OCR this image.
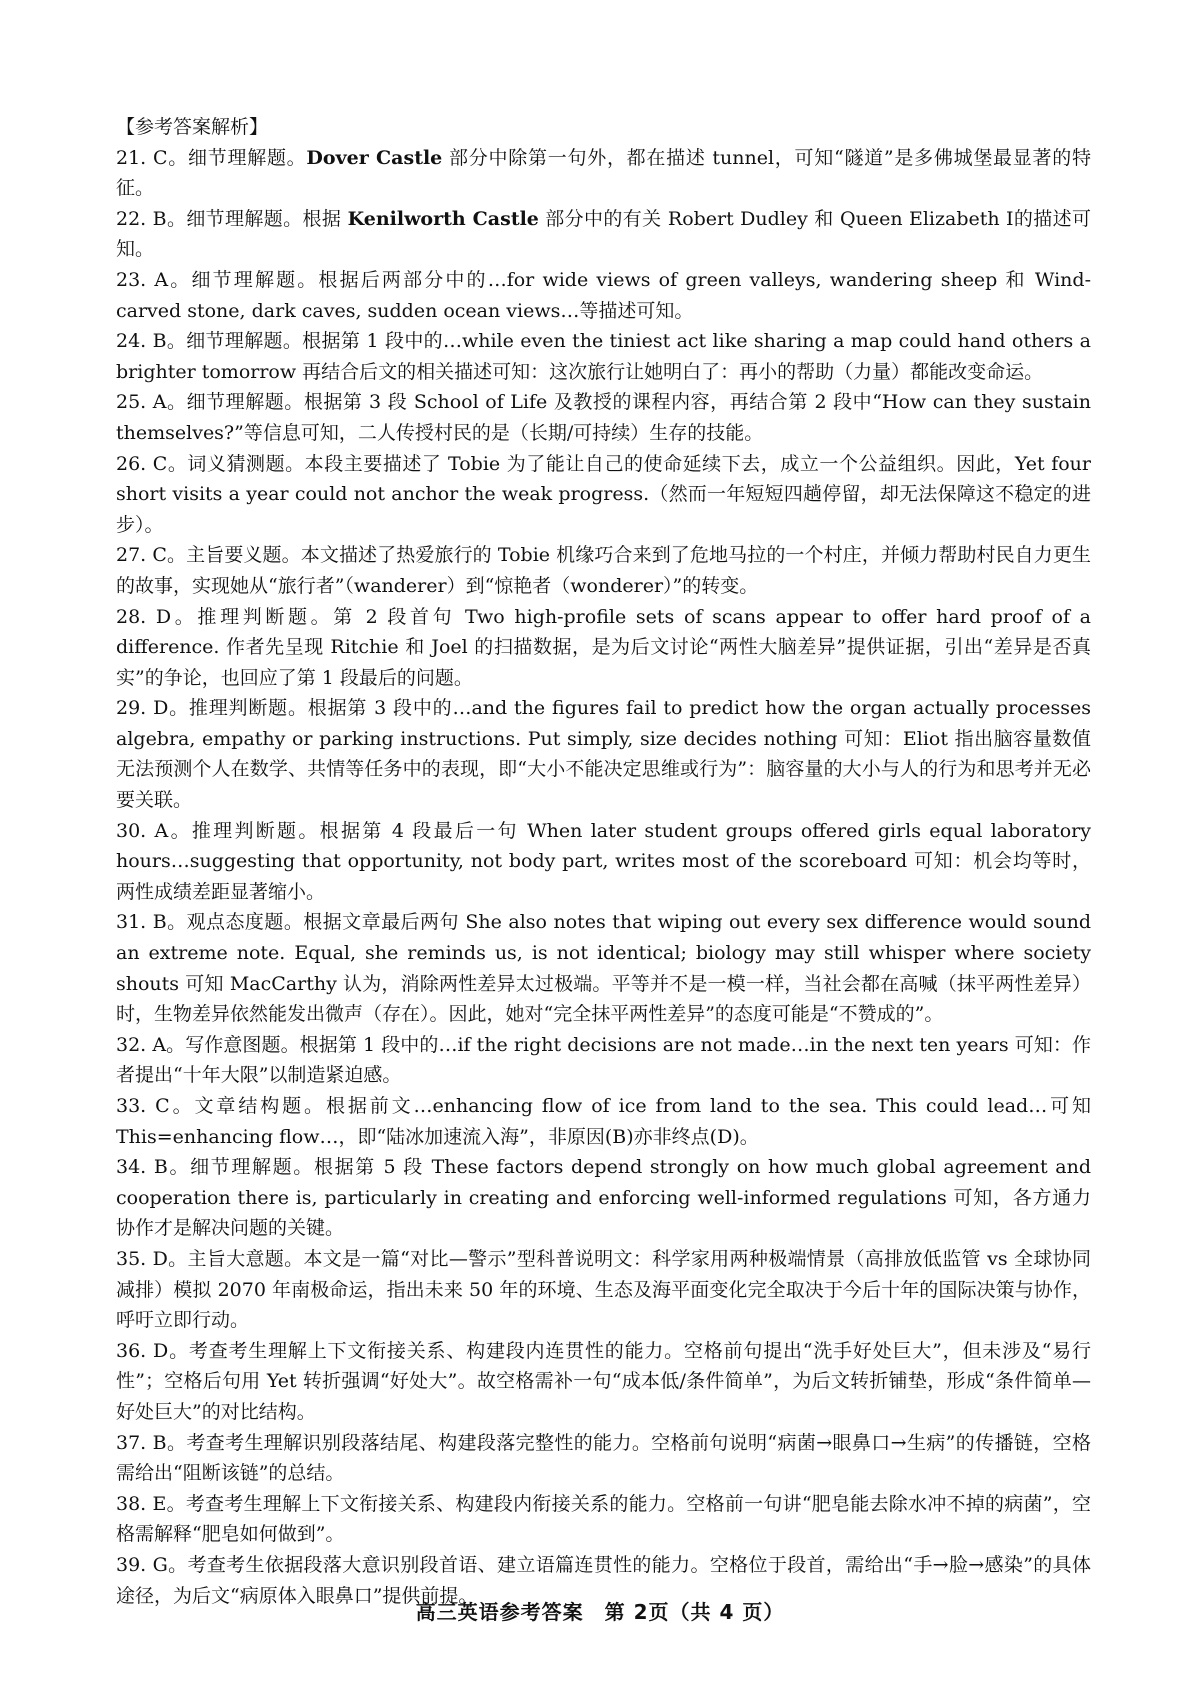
【参考答案解析】

21. C。细节理解题。Dover Castle 部分中除第一句外，都在描述 tunnel，可知“隧道”是多佛城堡最显著的特征。

22. B。细节理解题。根据 Kenilworth Castle 部分中的有关 Robert Dudley 和 Queen Elizabeth Ⅰ的描述可知。

23. A。细节理解题。根据后两部分中的…for wide views of green valleys, wandering sheep 和 Wind-carved stone, dark caves, sudden ocean views…等描述可知。

24. B。细节理解题。根据第 1 段中的…while even the tiniest act like sharing a map could hand others a brighter tomorrow 再结合后文的相关描述可知：这次旅行让她明白了：再小的帮助（力量）都能改变命运。

25. A。细节理解题。根据第 3 段 School of Life 及教授的课程内容，再结合第 2 段中“How can they sustain themselves?”等信息可知，二人传授村民的是（长期/可持续）生存的技能。

26. C。词义猜测题。本段主要描述了 Tobie 为了能让自己的使命延续下去，成立一个公益组织。因此，Yet four short visits a year could not anchor the weak progress.（然而一年短短四趟停留，却无法保障这不稳定的进步）。

27. C。主旨要义题。本文描述了热爱旅行的 Tobie 机缘巧合来到了危地马拉的一个村庄，并倾力帮助村民自力更生的故事，实现她从“旅行者”（wanderer）到“惊艳者（wonderer）”的转变。

28. D。推理判断题。第 2 段首句 Two high-profile sets of scans appear to offer hard proof of a difference. 作者先呈现 Ritchie 和 Joel 的扫描数据，是为后文讨论“两性大脑差异”提供证据，引出“差异是否真实”的争论，也回应了第 1 段最后的问题。

29. D。推理判断题。根据第 3 段中的…and the figures fail to predict how the organ actually processes algebra, empathy or parking instructions. Put simply, size decides nothing 可知：Eliot 指出脑容量数值无法预测个人在数学、共情等任务中的表现，即“大小不能决定思维或行为”：脑容量的大小与人的行为和思考并无必要关联。

30. A。推理判断题。根据第 4 段最后一句 When later student groups offered girls equal laboratory hours…suggesting that opportunity, not body part, writes most of the scoreboard 可知：机会均等时，两性成绩差距显著缩小。

31. B。观点态度题。根据文章最后两句 She also notes that wiping out every sex difference would sound an extreme note. Equal, she reminds us, is not identical; biology may still whisper where society shouts 可知 MacCarthy 认为，消除两性差异太过极端。平等并不是一模一样，当社会都在高喊（抹平两性差异）时，生物差异依然能发出微声（存在）。因此，她对“完全抹平两性差异”的态度可能是“不赞成的”。

32. A。写作意图题。根据第 1 段中的…if the right decisions are not made…in the next ten years 可知：作者提出“十年大限”以制造紧迫感。

33. C。文章结构题。根据前文…enhancing flow of ice from land to the sea. This could lead…可知 This=enhancing flow…，即“陆冰加速流入海”，非原因(B)亦非终点(D)。

34. B。细节理解题。根据第 5 段 These factors depend strongly on how much global agreement and cooperation there is, particularly in creating and enforcing well-informed regulations 可知，各方通力协作才是解决问题的关键。

35. D。主旨大意题。本文是一篇“对比—警示”型科普说明文：科学家用两种极端情景（高排放低监管 vs 全球协同减排）模拟 2070 年南极命运，指出未来 50 年的环境、生态及海平面变化完全取决于今后十年的国际决策与协作，呼吁立即行动。

36. D。考查考生理解上下文衔接关系、构建段内连贯性的能力。空格前句提出“洗手好处巨大”，但未涉及“易行性”；空格后句用 Yet 转折强调“好处大”。故空格需补一句“成本低/条件简单”，为后文转折铺垫，形成“条件简单—好处巨大”的对比结构。

37. B。考查考生理解识别段落结尾、构建段落完整性的能力。空格前句说明“病菌→眼鼻口→生病”的传播链，空格需给出“阻断该链”的总结。

38. E。考查考生理解上下文衔接关系、构建段内衔接关系的能力。空格前一句讲“肥皂能去除水冲不掉的病菌”，空格需解释“肥皂如何做到”。

39. G。考查考生依据段落大意识别段首语、建立语篇连贯性的能力。空格位于段首，需给出“手→脸→感染”的具体途径，为后文“病原体入眼鼻口”提供前提。

高三英语参考答案　第 2页（共 4 页）
